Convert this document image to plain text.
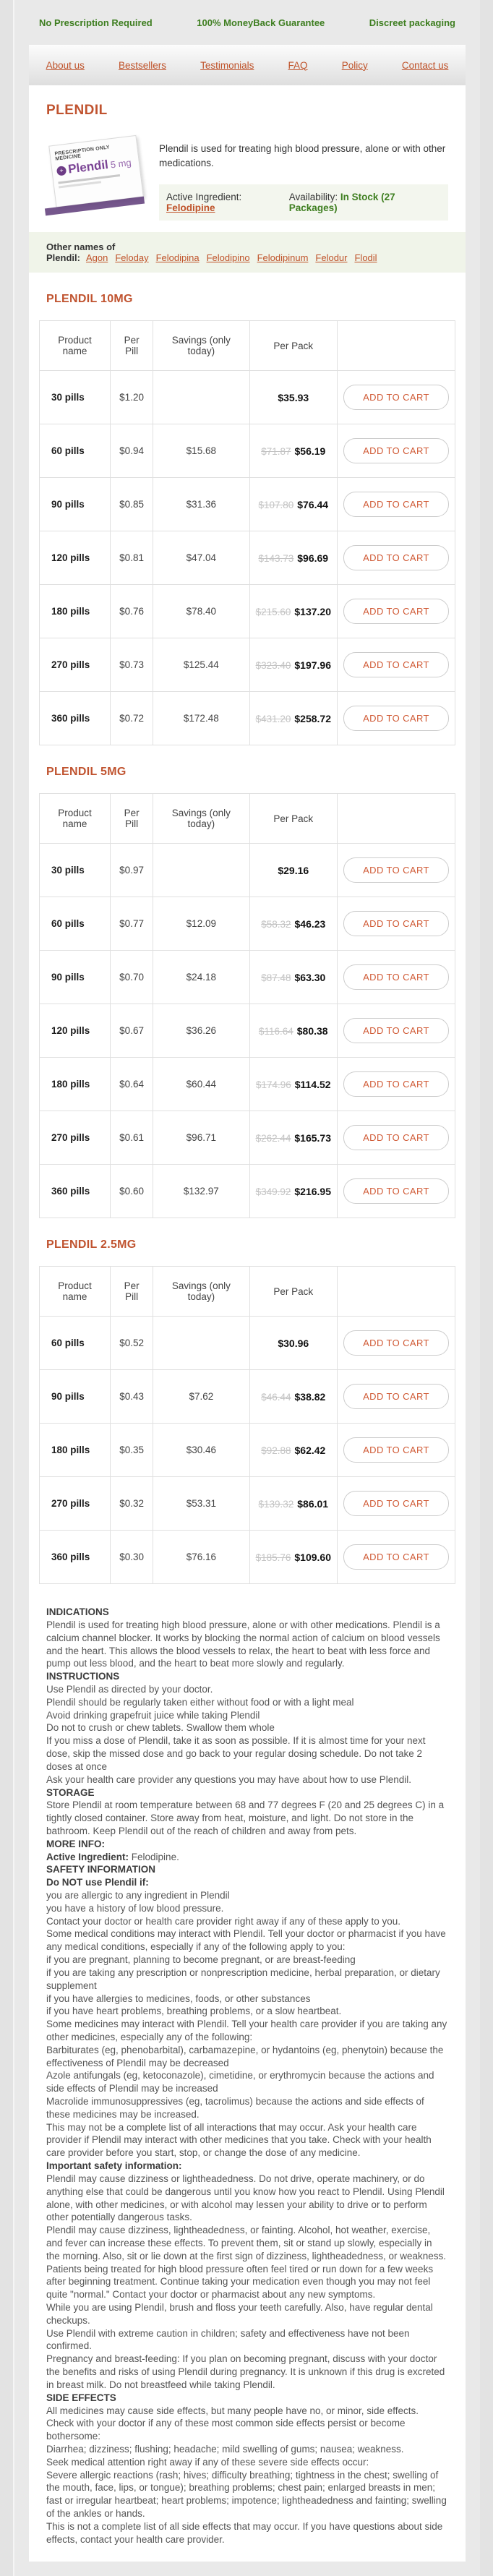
No Prescription Required	100% MoneyBack Guarantee	Discreet packaging
About us	Bestsellers	Testimonials	FAQ	Policy	Contact us
PLENDIL
PRESCRIPTION ONLY MEDICINE
+ Plendil 5 mg

Plendil is used for treating high blood pressure, alone or with other medications.

Active Ingredient: Felodipine
Availability: In Stock (27 Packages)
Other names of Plendil: Agon Feloday Felodipina Felodipino Felodipinum Felodur Flodil
PLENDIL 10MG
Product name	Per Pill	Savings (only today)	Per Pack	
30 pills	$1.20		$35.93	ADD TO CART
60 pills	$0.94	$15.68	$71.87 $56.19	ADD TO CART
90 pills	$0.85	$31.36	$107.80 $76.44	ADD TO CART
120 pills	$0.81	$47.04	$143.73 $96.69	ADD TO CART
180 pills	$0.76	$78.40	$215.60 $137.20	ADD TO CART
270 pills	$0.73	$125.44	$323.40 $197.96	ADD TO CART
360 pills	$0.72	$172.48	$431.20 $258.72	ADD TO CART
PLENDIL 5MG
Product name	Per Pill	Savings (only today)	Per Pack	
30 pills	$0.97		$29.16	ADD TO CART
60 pills	$0.77	$12.09	$58.32 $46.23	ADD TO CART
90 pills	$0.70	$24.18	$87.48 $63.30	ADD TO CART
120 pills	$0.67	$36.26	$116.64 $80.38	ADD TO CART
180 pills	$0.64	$60.44	$174.96 $114.52	ADD TO CART
270 pills	$0.61	$96.71	$262.44 $165.73	ADD TO CART
360 pills	$0.60	$132.97	$349.92 $216.95	ADD TO CART
PLENDIL 2.5MG
Product name	Per Pill	Savings (only today)	Per Pack	
60 pills	$0.52		$30.96	ADD TO CART
90 pills	$0.43	$7.62	$46.44 $38.82	ADD TO CART
180 pills	$0.35	$30.46	$92.88 $62.42	ADD TO CART
270 pills	$0.32	$53.31	$139.32 $86.01	ADD TO CART
360 pills	$0.30	$76.16	$185.76 $109.60	ADD TO CART
INDICATIONS
Plendil is used for treating high blood pressure, alone or with other medications. Plendil is a calcium channel blocker. It works by blocking the normal action of calcium on blood vessels and the heart. This allows the blood vessels to relax, the heart to beat with less force and pump out less blood, and the heart to beat more slowly and regularly.
INSTRUCTIONS
Use Plendil as directed by your doctor.
Plendil should be regularly taken either without food or with a light meal
Avoid drinking grapefruit juice while taking Plendil
Do not to crush or chew tablets. Swallow them whole
If you miss a dose of Plendil, take it as soon as possible. If it is almost time for your next dose, skip the missed dose and go back to your regular dosing schedule. Do not take 2 doses at once
Ask your health care provider any questions you may have about how to use Plendil.
STORAGE
Store Plendil at room temperature between 68 and 77 degrees F (20 and 25 degrees C) in a tightly closed container. Store away from heat, moisture, and light. Do not store in the bathroom. Keep Plendil out of the reach of children and away from pets.
MORE INFO:
Active Ingredient: Felodipine.
SAFETY INFORMATION
Do NOT use Plendil if:
you are allergic to any ingredient in Plendil
you have a history of low blood pressure.
Contact your doctor or health care provider right away if any of these apply to you.
Some medical conditions may interact with Plendil. Tell your doctor or pharmacist if you have any medical conditions, especially if any of the following apply to you:
if you are pregnant, planning to become pregnant, or are breast-feeding
if you are taking any prescription or nonprescription medicine, herbal preparation, or dietary supplement
if you have allergies to medicines, foods, or other substances
if you have heart problems, breathing problems, or a slow heartbeat.
Some medicines may interact with Plendil. Tell your health care provider if you are taking any other medicines, especially any of the following:
Barbiturates (eg, phenobarbital), carbamazepine, or hydantoins (eg, phenytoin) because the effectiveness of Plendil may be decreased
Azole antifungals (eg, ketoconazole), cimetidine, or erythromycin because the actions and side effects of Plendil may be increased
Macrolide immunosuppressives (eg, tacrolimus) because the actions and side effects of these medicines may be increased.
This may not be a complete list of all interactions that may occur. Ask your health care provider if Plendil may interact with other medicines that you take. Check with your health care provider before you start, stop, or change the dose of any medicine.
Important safety information:
Plendil may cause dizziness or lightheadedness. Do not drive, operate machinery, or do anything else that could be dangerous until you know how you react to Plendil. Using Plendil alone, with other medicines, or with alcohol may lessen your ability to drive or to perform other potentially dangerous tasks.
Plendil may cause dizziness, lightheadedness, or fainting. Alcohol, hot weather, exercise, and fever can increase these effects. To prevent them, sit or stand up slowly, especially in the morning. Also, sit or lie down at the first sign of dizziness, lightheadedness, or weakness.
Patients being treated for high blood pressure often feel tired or run down for a few weeks after beginning treatment. Continue taking your medication even though you may not feel quite "normal." Contact your doctor or pharmacist about any new symptoms.
While you are using Plendil, brush and floss your teeth carefully. Also, have regular dental checkups.
Use Plendil with extreme caution in children; safety and effectiveness have not been confirmed.
Pregnancy and breast-feeding: If you plan on becoming pregnant, discuss with your doctor the benefits and risks of using Plendil during pregnancy. It is unknown if this drug is excreted in breast milk. Do not breastfeed while taking Plendil.
SIDE EFFECTS
All medicines may cause side effects, but many people have no, or minor, side effects.
Check with your doctor if any of these most common side effects persist or become bothersome:
Diarrhea; dizziness; flushing; headache; mild swelling of gums; nausea; weakness.
Seek medical attention right away if any of these severe side effects occur:
Severe allergic reactions (rash; hives; difficulty breathing; tightness in the chest; swelling of the mouth, face, lips, or tongue); breathing problems; chest pain; enlarged breasts in men; fast or irregular heartbeat; heart problems; impotence; lightheadedness and fainting; swelling of the ankles or hands.
This is not a complete list of all side effects that may occur. If you have questions about side effects, contact your health care provider.
